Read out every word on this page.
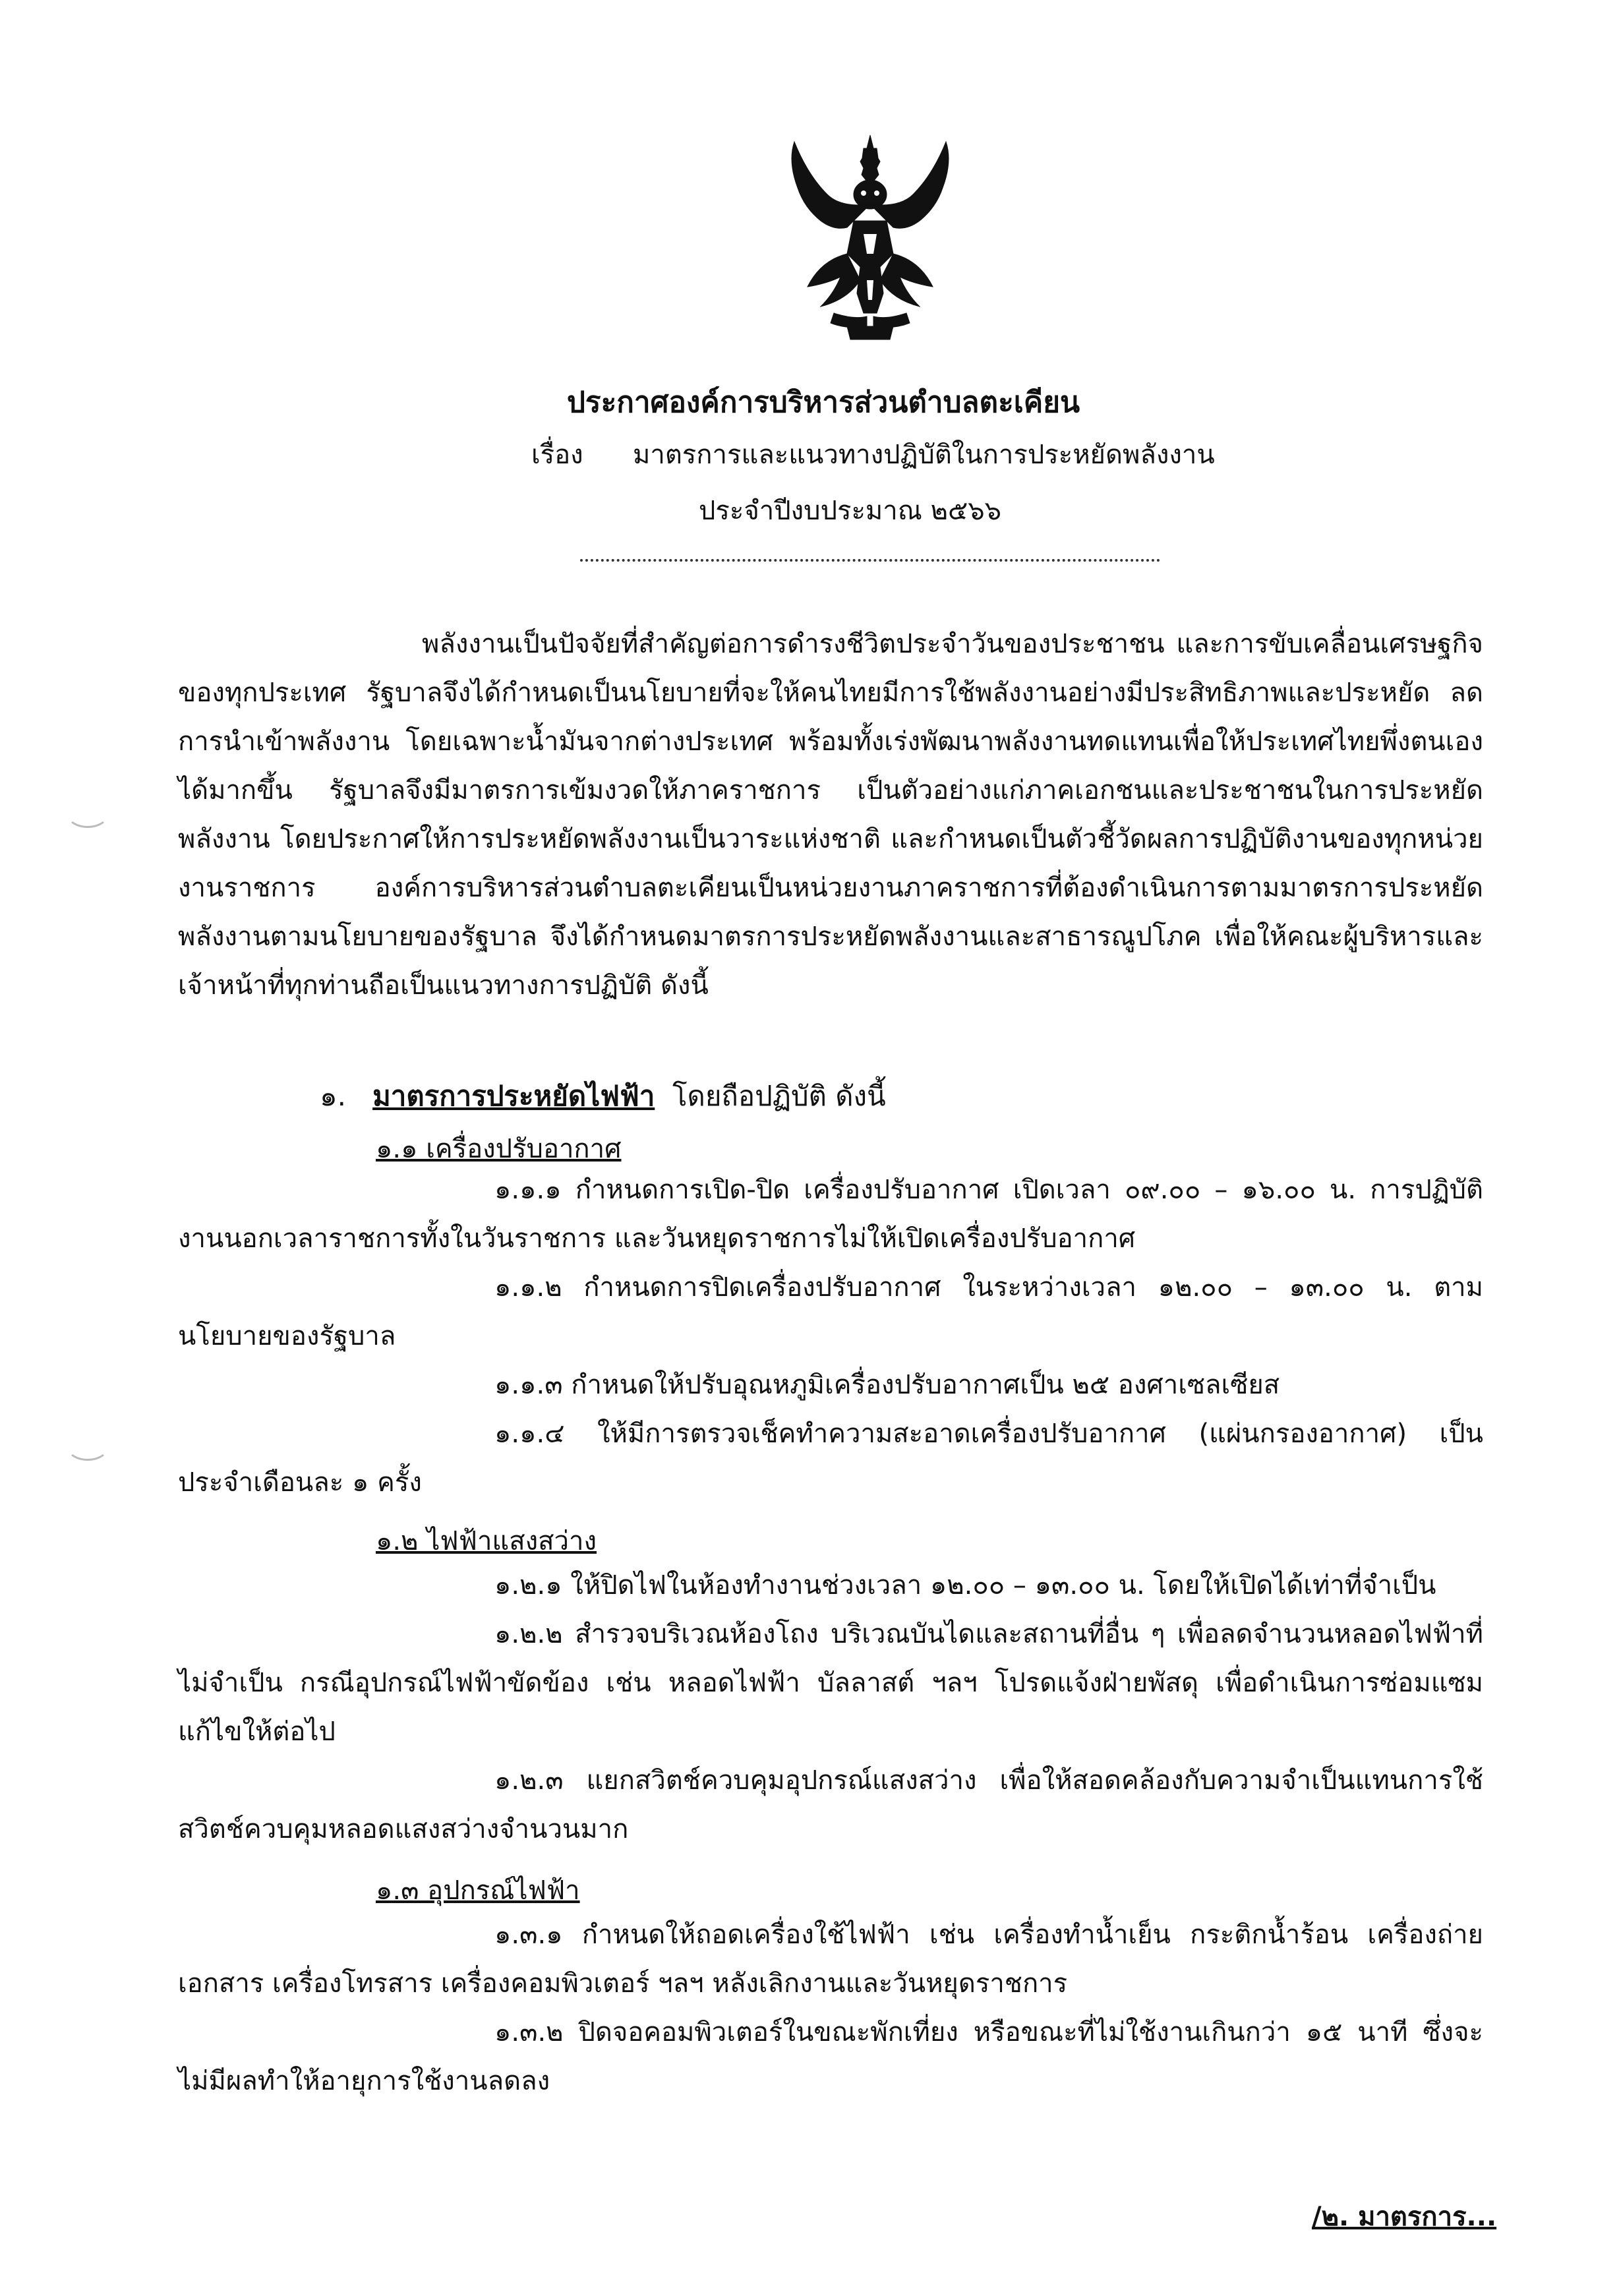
ประกาศองค์การบริหารส่วนตำบลตะเคียน
เรื่อง มาตรการและแนวทางปฏิบัติในการประหยัดพลังงาน
ประจำปีงบประมาณ ๒๕๖๖
พลังงานเป็นปัจจัยที่สำคัญต่อการดำรงชีวิตประจำวันของประชาชน และการขับเคลื่อนเศรษฐกิจของทุกประเทศ รัฐบาลจึงได้กำหนดเป็นนโยบายที่จะให้คนไทยมีการใช้พลังงานอย่างมีประสิทธิภาพและประหยัด ลดการนำเข้าพลังงาน โดยเฉพาะน้ำมันจากต่างประเทศ พร้อมทั้งเร่งพัฒนาพลังงานทดแทนเพื่อให้ประเทศไทยพึ่งตนเองได้มากขึ้น รัฐบาลจึงมีมาตรการเข้มงวดให้ภาคราชการ เป็นตัวอย่างแก่ภาคเอกชนและประชาชนในการประหยัดพลังงาน โดยประกาศให้การประหยัดพลังงานเป็นวาระแห่งชาติ และกำหนดเป็นตัวชี้วัดผลการปฏิบัติงานของทุกหน่วยงานราชการ องค์การบริหารส่วนตำบลตะเคียนเป็นหน่วยงานภาคราชการที่ต้องดำเนินการตามมาตรการประหยัดพลังงานตามนโยบายของรัฐบาล จึงได้กำหนดมาตรการประหยัดพลังงานและสาธารณูปโภค เพื่อให้คณะผู้บริหารและเจ้าหน้าที่ทุกท่านถือเป็นแนวทางการปฏิบัติ ดังนี้
๑. มาตรการประหยัดไฟฟ้า โดยถือปฏิบัติ ดังนี้
๑.๑ เครื่องปรับอากาศ
๑.๑.๑ กำหนดการเปิด-ปิด เครื่องปรับอากาศ เปิดเวลา ๐๙.๐๐ – ๑๖.๐๐ น. การปฏิบัติงานนอกเวลาราชการทั้งในวันราชการ และวันหยุดราชการไม่ให้เปิดเครื่องปรับอากาศ
๑.๑.๒ กำหนดการปิดเครื่องปรับอากาศ ในระหว่างเวลา ๑๒.๐๐ – ๑๓.๐๐ น. ตามนโยบายของรัฐบาล
๑.๑.๓ กำหนดให้ปรับอุณหภูมิเครื่องปรับอากาศเป็น ๒๕ องศาเซลเซียส
๑.๑.๔ ให้มีการตรวจเช็คทำความสะอาดเครื่องปรับอากาศ (แผ่นกรองอากาศ) เป็นประจำเดือนละ ๑ ครั้ง
๑.๒ ไฟฟ้าแสงสว่าง
๑.๒.๑ ให้ปิดไฟในห้องทำงานช่วงเวลา ๑๒.๐๐ – ๑๓.๐๐ น. โดยให้เปิดได้เท่าที่จำเป็น
๑.๒.๒ สำรวจบริเวณห้องโถง บริเวณบันไดและสถานที่อื่น ๆ เพื่อลดจำนวนหลอดไฟฟ้าที่ไม่จำเป็น กรณีอุปกรณ์ไฟฟ้าขัดข้อง เช่น หลอดไฟฟ้า บัลลาสต์ ฯลฯ โปรดแจ้งฝ่ายพัสดุ เพื่อดำเนินการซ่อมแซมแก้ไขให้ต่อไป
๑.๒.๓ แยกสวิตช์ควบคุมอุปกรณ์แสงสว่าง เพื่อให้สอดคล้องกับความจำเป็นแทนการใช้สวิตช์ควบคุมหลอดแสงสว่างจำนวนมาก
๑.๓ อุปกรณ์ไฟฟ้า
๑.๓.๑ กำหนดให้ถอดเครื่องใช้ไฟฟ้า เช่น เครื่องทำน้ำเย็น กระติกน้ำร้อน เครื่องถ่ายเอกสาร เครื่องโทรสาร เครื่องคอมพิวเตอร์ ฯลฯ หลังเลิกงานและวันหยุดราชการ
๑.๓.๒ ปิดจอคอมพิวเตอร์ในขณะพักเที่ยง หรือขณะที่ไม่ใช้งานเกินกว่า ๑๕ นาที ซึ่งจะไม่มีผลทำให้อายุการใช้งานลดลง
/๒. มาตรการ...
